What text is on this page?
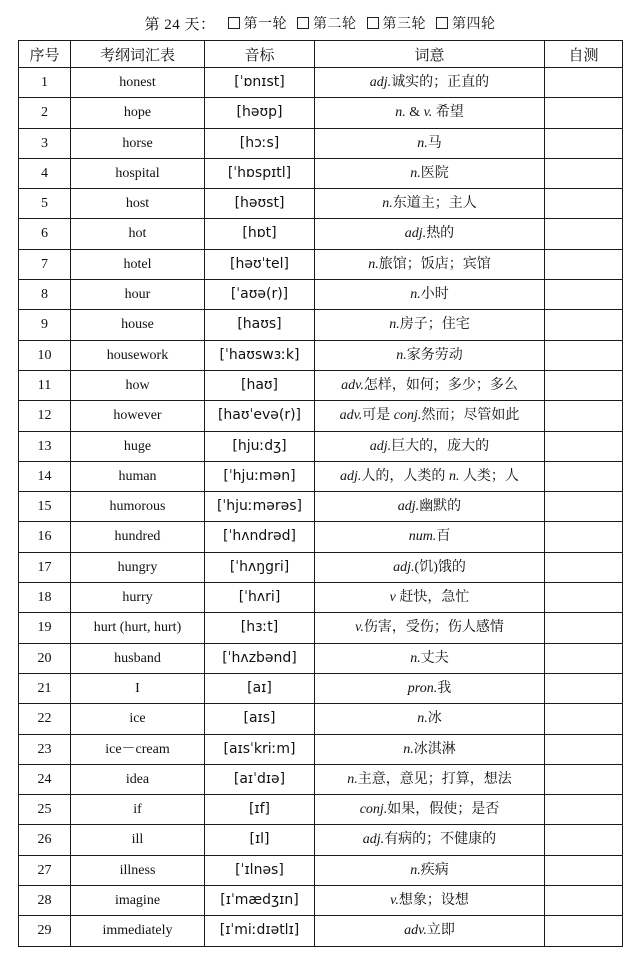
第 24 天： 第一轮 第二轮 第三轮 第四轮
序号	考纲词汇表	音标	词意	自测
1	honest	[ˈɒnɪst]	adj.诚实的；正直的	
2	hope	[həʊp]	n. & v. 希望	
3	horse	[hɔːs]	n.马	
4	hospital	[ˈhɒspɪtl]	n.医院	
5	host	[həʊst]	n.东道主；主人	
6	hot	[hɒt]	adj.热的	
7	hotel	[həʊˈtel]	n.旅馆；饭店；宾馆	
8	hour	[ˈaʊə(r)]	n.小时	
9	house	[haʊs]	n.房子；住宅	
10	housework	[ˈhaʊswɜːk]	n.家务劳动	
11	how	[haʊ]	adv.怎样，如何；多少；多么	
12	however	[haʊˈevə(r)]	adv.可是 conj.然而；尽管如此	
13	huge	[hjuːdʒ]	adj.巨大的，庞大的	
14	human	[ˈhjuːmən]	adj.人的，人类的 n. 人类；人	
15	humorous	[ˈhjuːmərəs]	adj.幽默的	
16	hundred	[ˈhʌndrəd]	num.百	
17	hungry	[ˈhʌŋgri]	adj.(饥)饿的	
18	hurry	[ˈhʌri]	v 赶快，急忙	
19	hurt (hurt, hurt)	[hɜːt]	v.伤害，受伤；伤人感情	
20	husband	[ˈhʌzbənd]	n.丈夫	
21	I	[aɪ]	pron.我	
22	ice	[aɪs]	n.冰	
23	ice－cream	[aɪsˈkriːm]	n.冰淇淋	
24	idea	[aɪˈdɪə]	n.主意，意见；打算，想法	
25	if	[ɪf]	conj.如果，假使；是否	
26	ill	[ɪl]	adj.有病的；不健康的	
27	illness	[ˈɪlnəs]	n.疾病	
28	imagine	[ɪˈmædʒɪn]	v.想象；设想	
29	immediately	[ɪˈmiːdɪətlɪ]	adv.立即	
